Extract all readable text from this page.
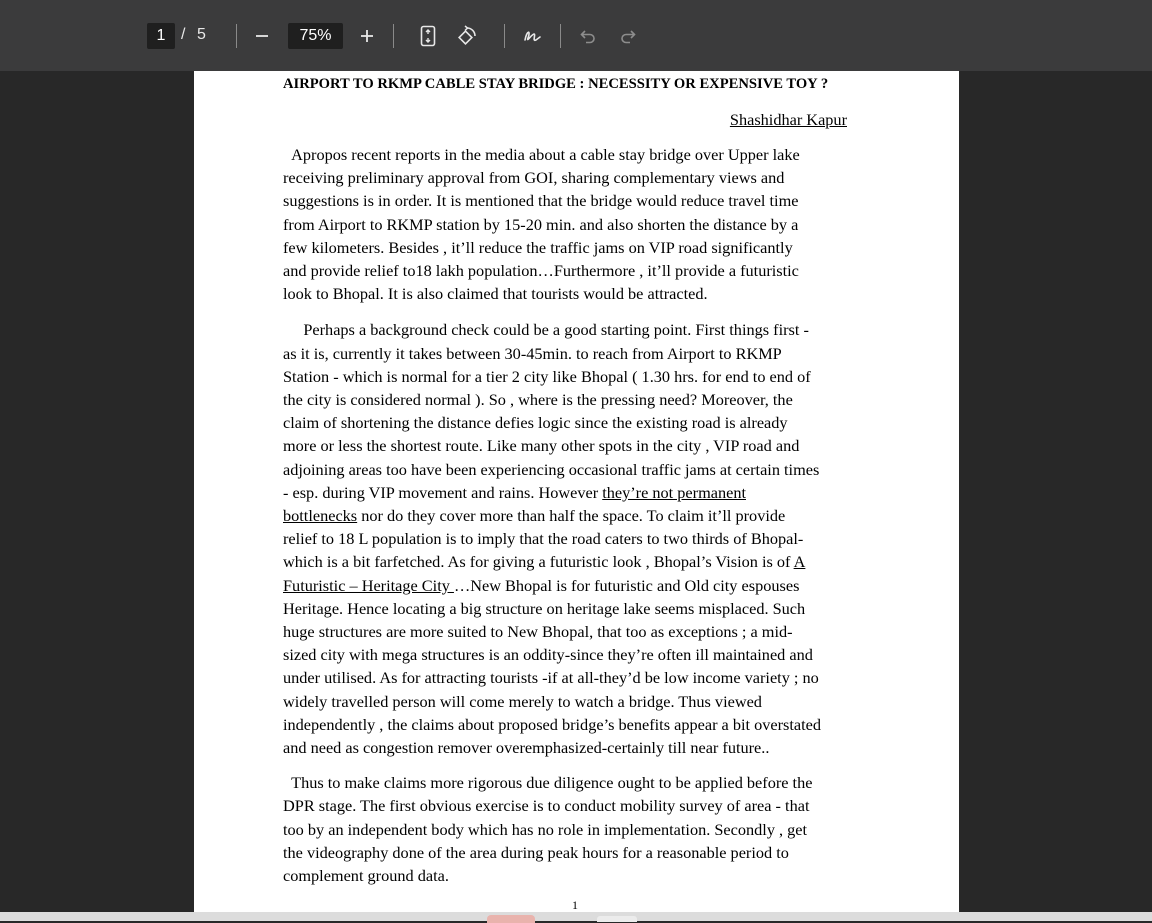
1
/ 5
75%
AIRPORT TO RKMP CABLE STAY BRIDGE : NECESSITY OR EXPENSIVE TOY ?
Shashidhar Kapur

Apropos recent reports in the media about a cable stay bridge over Upper lake
receiving preliminary approval from GOI, sharing complementary views and
suggestions is in order. It is mentioned that the bridge would reduce travel time
from Airport to RKMP station by 15-20 min. and also shorten the distance by a
few kilometers. Besides , it’ll reduce the traffic jams on VIP road significantly
and provide relief to18 lakh population…Furthermore , it’ll provide a futuristic
look to Bhopal. It is also claimed that tourists would be attracted.

Perhaps a background check could be a good starting point. First things first -
as it is, currently it takes between 30-45min. to reach from Airport to RKMP
Station - which is normal for a tier 2 city like Bhopal ( 1.30 hrs. for end to end of
the city is considered normal ). So , where is the pressing need? Moreover, the
claim of shortening the distance defies logic since the existing road is already
more or less the shortest route. Like many other spots in the city , VIP road and
adjoining areas too have been experiencing occasional traffic jams at certain times
- esp. during VIP movement and rains. However they’re not permanent
bottlenecks nor do they cover more than half the space. To claim it’ll provide
relief to 18 L population is to imply that the road caters to two thirds of Bhopal-
which is a bit farfetched. As for giving a futuristic look , Bhopal’s Vision is of A
Futuristic – Heritage City …New Bhopal is for futuristic and Old city espouses
Heritage. Hence locating a big structure on heritage lake seems misplaced. Such
huge structures are more suited to New Bhopal, that too as exceptions ; a mid-
sized city with mega structures is an oddity-since they’re often ill maintained and
under utilised. As for attracting tourists -if at all-they’d be low income variety ; no
widely travelled person will come merely to watch a bridge. Thus viewed
independently , the claims about proposed bridge’s benefits appear a bit overstated
and need as congestion remover overemphasized-certainly till near future..

Thus to make claims more rigorous due diligence ought to be applied before the
DPR stage. The first obvious exercise is to conduct mobility survey of area - that
too by an independent body which has no role in implementation. Secondly , get
the videography done of the area during peak hours for a reasonable period to
complement ground data.

1
